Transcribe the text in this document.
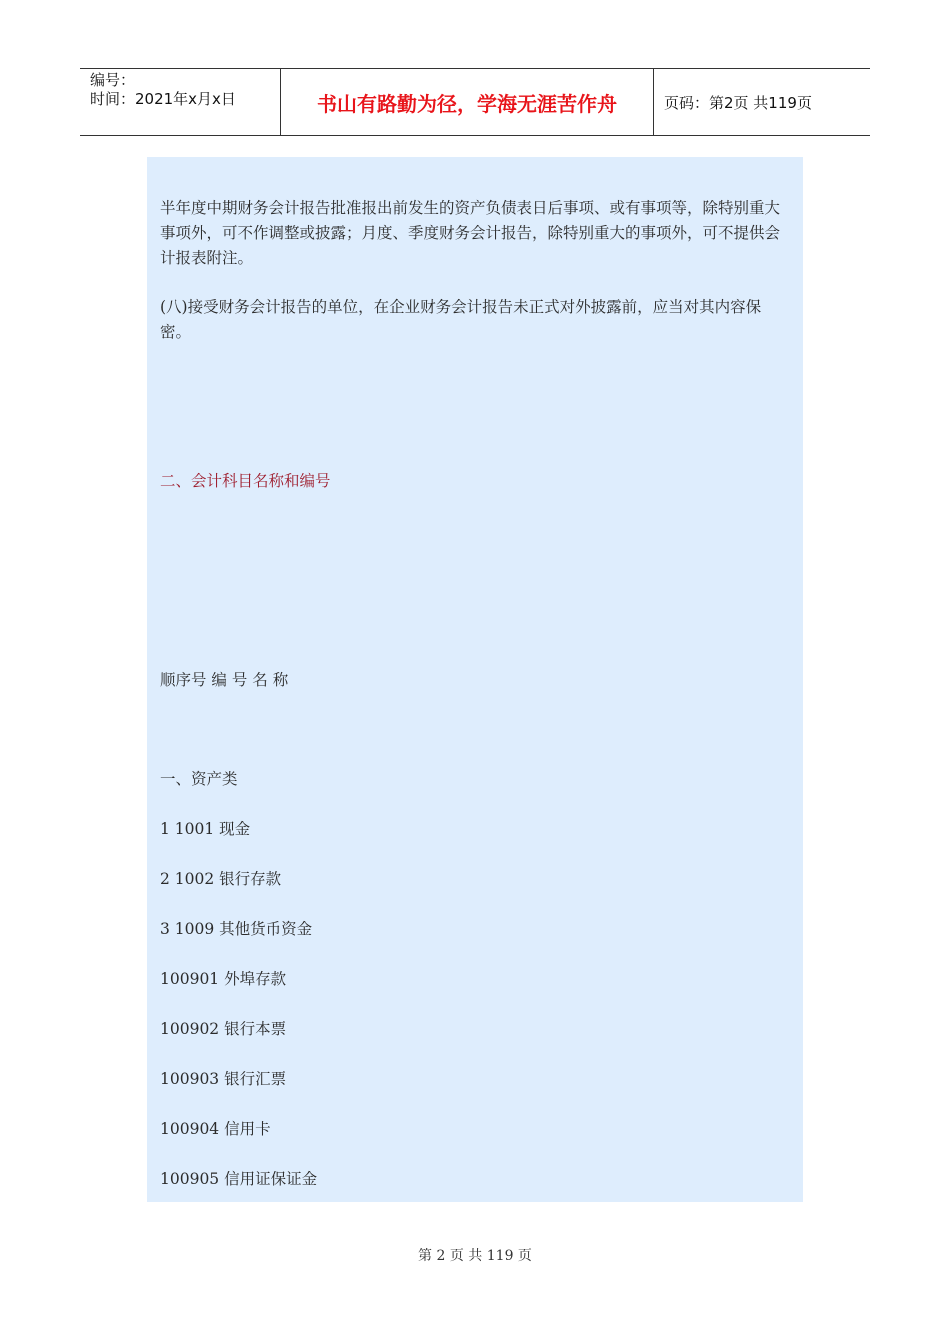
编号：
时间：2021年x月x日	书山有路勤为径，学海无涯苦作舟	页码：第2页 共119页
半年度中期财务会计报告批准报出前发生的资产负债表日后事项、或有事项等，除特别重大事项外，可不作调整或披露；月度、季度财务会计报告，除特别重大的事项外，可不提供会计报表附注。
(八)接受财务会计报告的单位，在企业财务会计报告未正式对外披露前，应当对其内容保密。
二、会计科目名称和编号
顺序号 编 号 名 称
一、资产类
1 1001 现金
2 1002 银行存款
3 1009 其他货币资金
100901 外埠存款
100902 银行本票
100903 银行汇票
100904 信用卡
100905 信用证保证金
第 2 页 共 119 页
